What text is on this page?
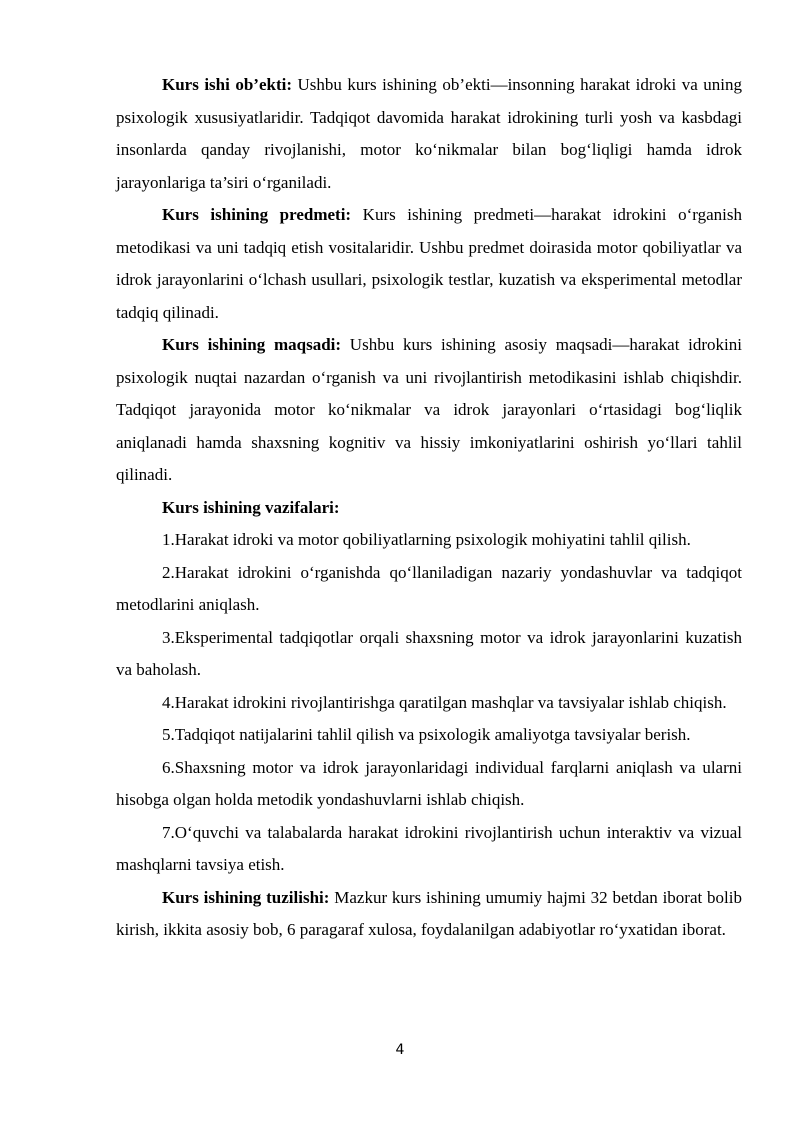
Kurs ishi ob’ekti: Ushbu kurs ishining ob’ekti—insonning harakat idroki va uning psixologik xususiyatlaridir. Tadqiqot davomida harakat idrokining turli yosh va kasbdagi insonlarda qanday rivojlanishi, motor ko‘nikmalar bilan bog‘liqligi hamda idrok jarayonlariga ta’siri o‘rganiladi.

Kurs ishining predmeti: Kurs ishining predmeti—harakat idrokini o‘rganish metodikasi va uni tadqiq etish vositalaridir. Ushbu predmet doirasida motor qobiliyatlar va idrok jarayonlarini o‘lchash usullari, psixologik testlar, kuzatish va eksperimental metodlar tadqiq qilinadi.

Kurs ishining maqsadi: Ushbu kurs ishining asosiy maqsadi—harakat idrokini psixologik nuqtai nazardan o‘rganish va uni rivojlantirish metodikasini ishlab chiqishdir. Tadqiqot jarayonida motor ko‘nikmalar va idrok jarayonlari o‘rtasidagi bog‘liqlik aniqlanadi hamda shaxsning kognitiv va hissiy imkoniyatlarini oshirish yo‘llari tahlil qilinadi.

Kurs ishining vazifalari:

1.Harakat idroki va motor qobiliyatlarning psixologik mohiyatini tahlil qilish.

2.Harakat idrokini o‘rganishda qo‘llaniladigan nazariy yondashuvlar va tadqiqot metodlarini aniqlash.

3.Eksperimental tadqiqotlar orqali shaxsning motor va idrok jarayonlarini kuzatish va baholash.

4.Harakat idrokini rivojlantirishga qaratilgan mashqlar va tavsiyalar ishlab chiqish.

5.Tadqiqot natijalarini tahlil qilish va psixologik amaliyotga tavsiyalar berish.

6.Shaxsning motor va idrok jarayonlaridagi individual farqlarni aniqlash va ularni hisobga olgan holda metodik yondashuvlarni ishlab chiqish.

7.O‘quvchi va talabalarda harakat idrokini rivojlantirish uchun interaktiv va vizual mashqlarni tavsiya etish.

Kurs ishining tuzilishi: Mazkur kurs ishining umumiy hajmi 32 betdan iborat bolib kirish, ikkita asosiy bob, 6 paragaraf xulosa, foydalanilgan adabiyotlar ro‘yxatidan iborat.

4
